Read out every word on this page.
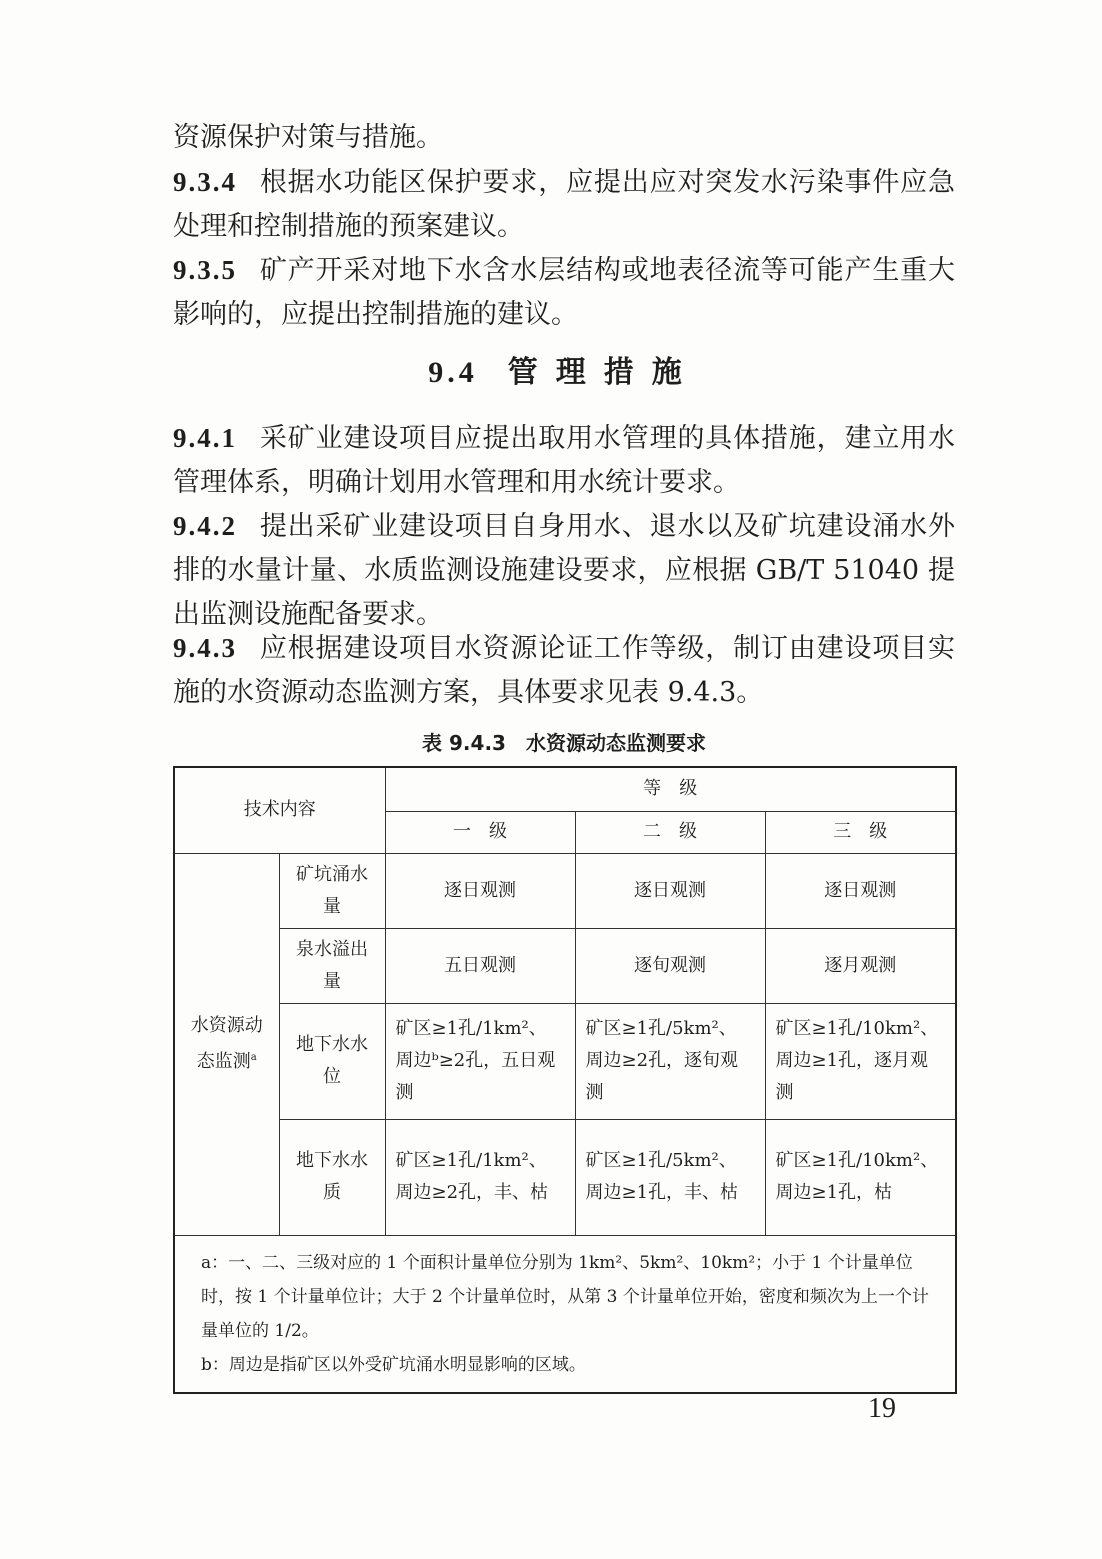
资源保护对策与措施。

9.3.4 根据水功能区保护要求，应提出应对突发水污染事件应急处理和控制措施的预案建议。

9.3.5 矿产开采对地下水含水层结构或地表径流等可能产生重大影响的，应提出控制措施的建议。

9.4 管理措施

9.4.1 采矿业建设项目应提出取用水管理的具体措施，建立用水管理体系，明确计划用水管理和用水统计要求。

9.4.2 提出采矿业建设项目自身用水、退水以及矿坑建设涌水外排的水量计量、水质监测设施建设要求，应根据 GB/T 51040 提出监测设施配备要求。

9.4.3 应根据建设项目水资源论证工作等级，制订由建设项目实施的水资源动态监测方案，具体要求见表 9.4.3。

表 9.4.3　水资源动态监测要求
技术内容		等　级		
		一　级	二　级	三　级
水资源动态监测$^a$	矿坑涌水量	逐日观测	逐日观测	逐日观测
	泉水溢出量	五日观测	逐旬观测	逐月观测
	地下水水位	矿区≥1孔/1km²、周边ᵇ≥2孔，五日观测	矿区≥1孔/5km²、周边≥2孔，逐旬观测	矿区≥1孔/10km²、周边≥1孔，逐月观测
	地下水水质	矿区≥1孔/1km²、周边≥2孔，丰、枯	矿区≥1孔/5km²、周边≥1孔，丰、枯	矿区≥1孔/10km²、周边≥1孔，枯

a：一、二、三级对应的 1 个面积计量单位分别为 1km²、5km²、10km²；小于 1 个计量单位时，按 1 个计量单位计；大于 2 个计量单位时，从第 3 个计量单位开始，密度和频次为上一个计量单位的 1/2。
b：周边是指矿区以外受矿坑涌水明显影响的区域。				
19
